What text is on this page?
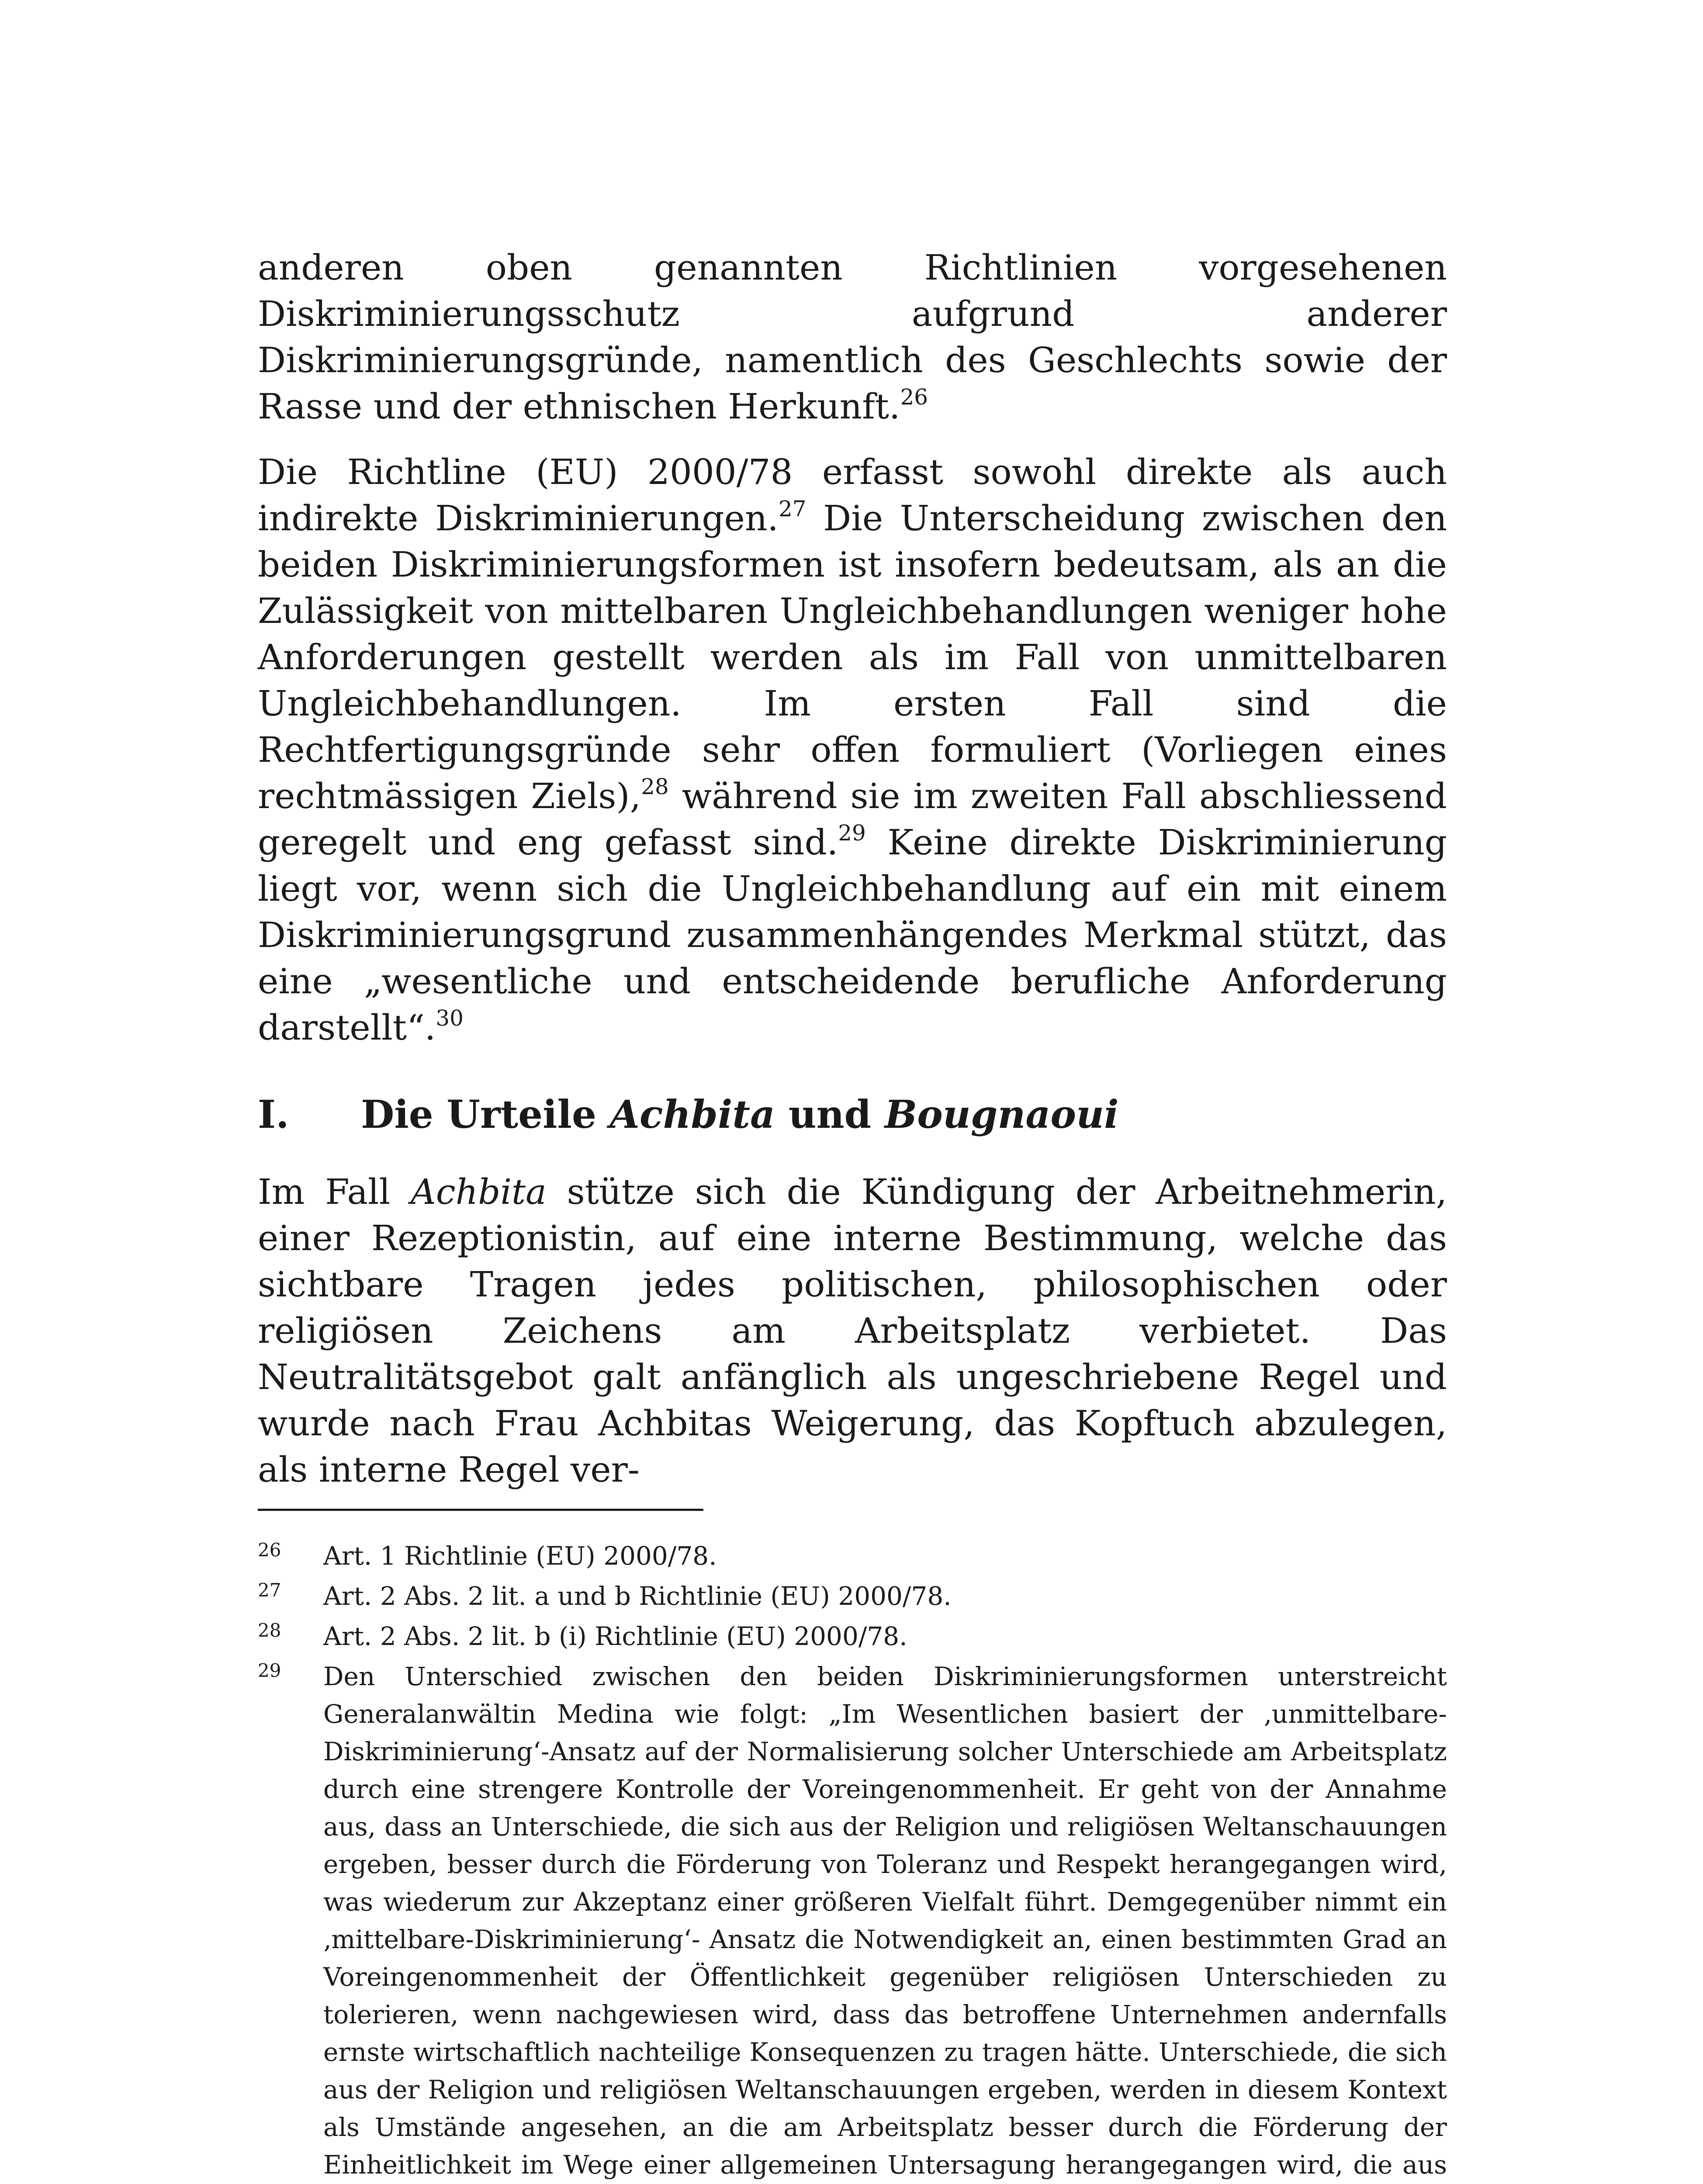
anderen oben genannten Richtlinien vorgesehenen Diskriminierungsschutz aufgrund anderer Diskriminierungsgründe, namentlich des Geschlechts sowie der Rasse und der ethnischen Herkunft.$^{26}$

Die Richtline (EU) 2000/78 erfasst sowohl direkte als auch indirekte Diskriminierungen.$^{27}$ Die Unterscheidung zwischen den beiden Diskriminierungsformen ist insofern bedeutsam, als an die Zulässigkeit von mittelbaren Ungleichbehandlungen weniger hohe Anforderungen gestellt werden als im Fall von unmittelbaren Ungleichbehandlungen. Im ersten Fall sind die Rechtfertigungsgründe sehr offen formuliert (Vorliegen eines rechtmässigen Ziels),$^{28}$ während sie im zweiten Fall abschliessend geregelt und eng gefasst sind.$^{29}$ Keine direkte Diskriminierung liegt vor, wenn sich die Ungleichbehandlung auf ein mit einem Diskriminierungsgrund zusammenhängendes Merkmal stützt, das eine „wesentliche und entscheidende berufliche Anforderung darstellt“.$^{30}$

I.	Die Urteile Achbita und Bougnaoui

Im Fall Achbita stütze sich die Kündigung der Arbeitnehmerin, einer Rezeptionistin, auf eine interne Bestimmung, welche das sichtbare Tragen jedes politischen, philosophischen oder religiösen Zeichens am Arbeitsplatz verbietet. Das Neutralitätsgebot galt anfänglich als ungeschriebene Regel und wurde nach Frau Achbitas Weigerung, das Kopftuch abzulegen, als interne Regel ver-

26	Art. 1 Richtlinie (EU) 2000/78.
27	Art. 2 Abs. 2 lit. a und b Richtlinie (EU) 2000/78.
28	Art. 2 Abs. 2 lit. b (i) Richtlinie (EU) 2000/78.
29	Den Unterschied zwischen den beiden Diskriminierungsformen unterstreicht Generalanwältin Medina wie folgt: „Im Wesentlichen basiert der ‚unmittelbare-Diskriminierung‘-Ansatz auf der Normalisierung solcher Unterschiede am Arbeitsplatz durch eine strengere Kontrolle der Voreingenommenheit. Er geht von der Annahme aus, dass an Unterschiede, die sich aus der Religion und religiösen Weltanschauungen ergeben, besser durch die Förderung von Toleranz und Respekt herangegangen wird, was wiederum zur Akzeptanz einer größeren Vielfalt führt. Demgegenüber nimmt ein ‚mittelbare-Diskriminierung‘- Ansatz die Notwendigkeit an, einen bestimmten Grad an Voreingenommenheit der Öffentlichkeit gegenüber religiösen Unterschieden zu tolerieren, wenn nachgewiesen wird, dass das betroffene Unternehmen andernfalls ernste wirtschaftlich nachteilige Konsequenzen zu tragen hätte. Unterschiede, die sich aus der Religion und religiösen Weltanschauungen ergeben, werden in diesem Kontext als Umstände angesehen, an die am Arbeitsplatz besser durch die Förderung der Einheitlichkeit im Wege einer allgemeinen Untersagung herangegangen wird, die aus
